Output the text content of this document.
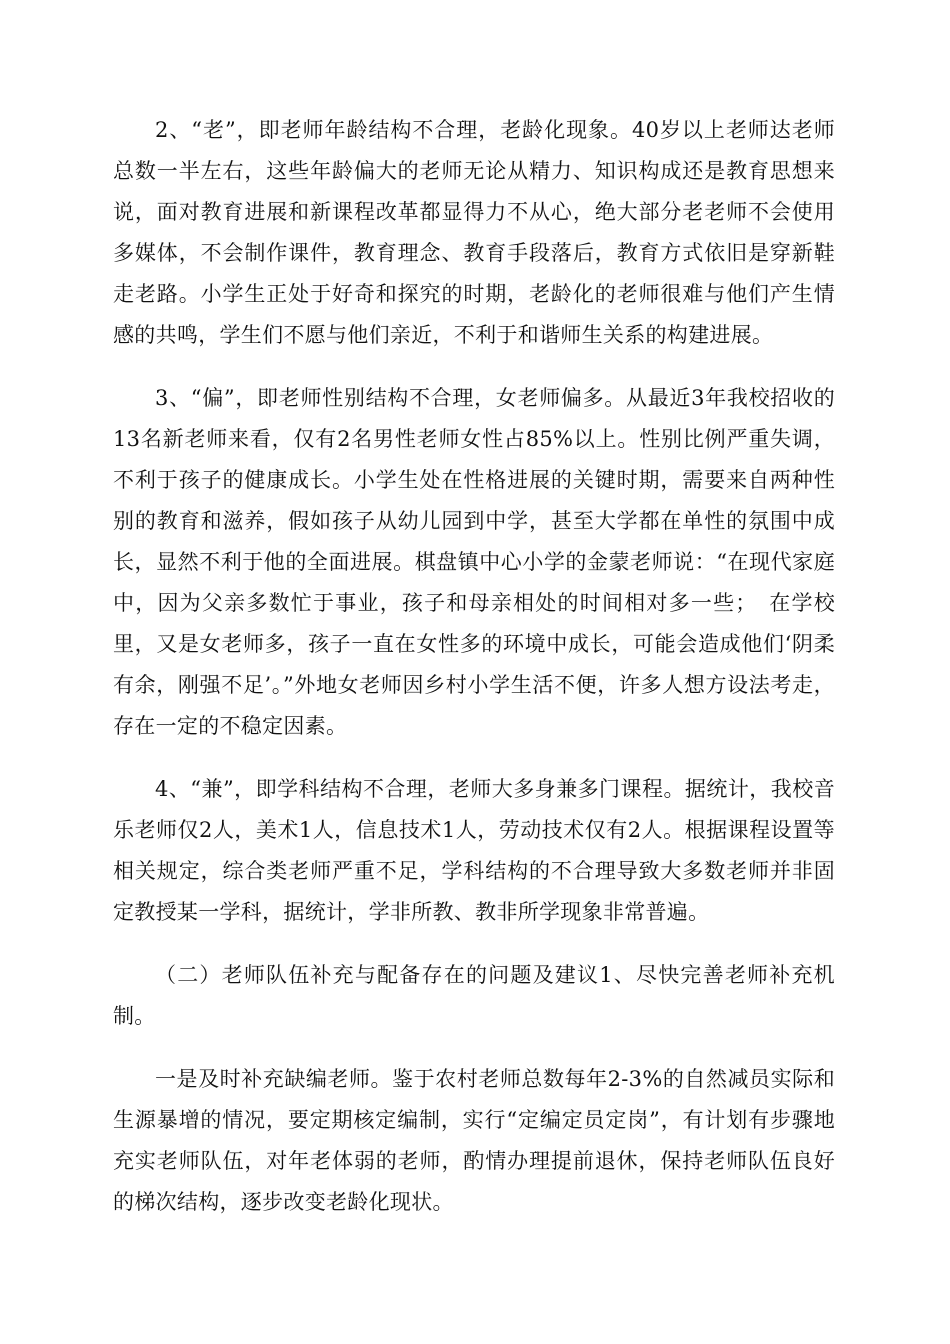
2、“老”，即老师年龄结构不合理，老龄化现象。40岁以上老师达老师总数一半左右，这些年龄偏大的老师无论从精力、知识构成还是教育思想来说，面对教育进展和新课程改革都显得力不从心，绝大部分老老师不会使用多媒体，不会制作课件，教育理念、教育手段落后，教育方式依旧是穿新鞋走老路。小学生正处于好奇和探究的时期，老龄化的老师很难与他们产生情感的共鸣，学生们不愿与他们亲近，不利于和谐师生关系的构建进展。

3、“偏”，即老师性别结构不合理，女老师偏多。从最近3年我校招收的13名新老师来看，仅有2名男性老师女性占85%以上。性别比例严重失调，不利于孩子的健康成长。小学生处在性格进展的关键时期，需要来自两种性别的教育和滋养，假如孩子从幼儿园到中学，甚至大学都在单性的氛围中成长，显然不利于他的全面进展。棋盘镇中心小学的金蒙老师说：“在现代家庭中，因为父亲多数忙于事业，孩子和母亲相处的时间相对多一些；　在学校里，又是女老师多，孩子一直在女性多的环境中成长，可能会造成他们‘阴柔有余，刚强不足’。”外地女老师因乡村小学生活不便，许多人想方设法考走，存在一定的不稳定因素。

4、“兼”，即学科结构不合理，老师大多身兼多门课程。据统计，我校音乐老师仅2人，美术1人，信息技术1人，劳动技术仅有2人。根据课程设置等相关规定，综合类老师严重不足，学科结构的不合理导致大多数老师并非固定教授某一学科，据统计，学非所教、教非所学现象非常普遍。

（二）老师队伍补充与配备存在的问题及建议1、尽快完善老师补充机制。

一是及时补充缺编老师。鉴于农村老师总数每年2-3%的自然减员实际和生源暴增的情况，要定期核定编制，实行“定编定员定岗”，有计划有步骤地充实老师队伍，对年老体弱的老师，酌情办理提前退休，保持老师队伍良好的梯次结构，逐步改变老龄化现状。
